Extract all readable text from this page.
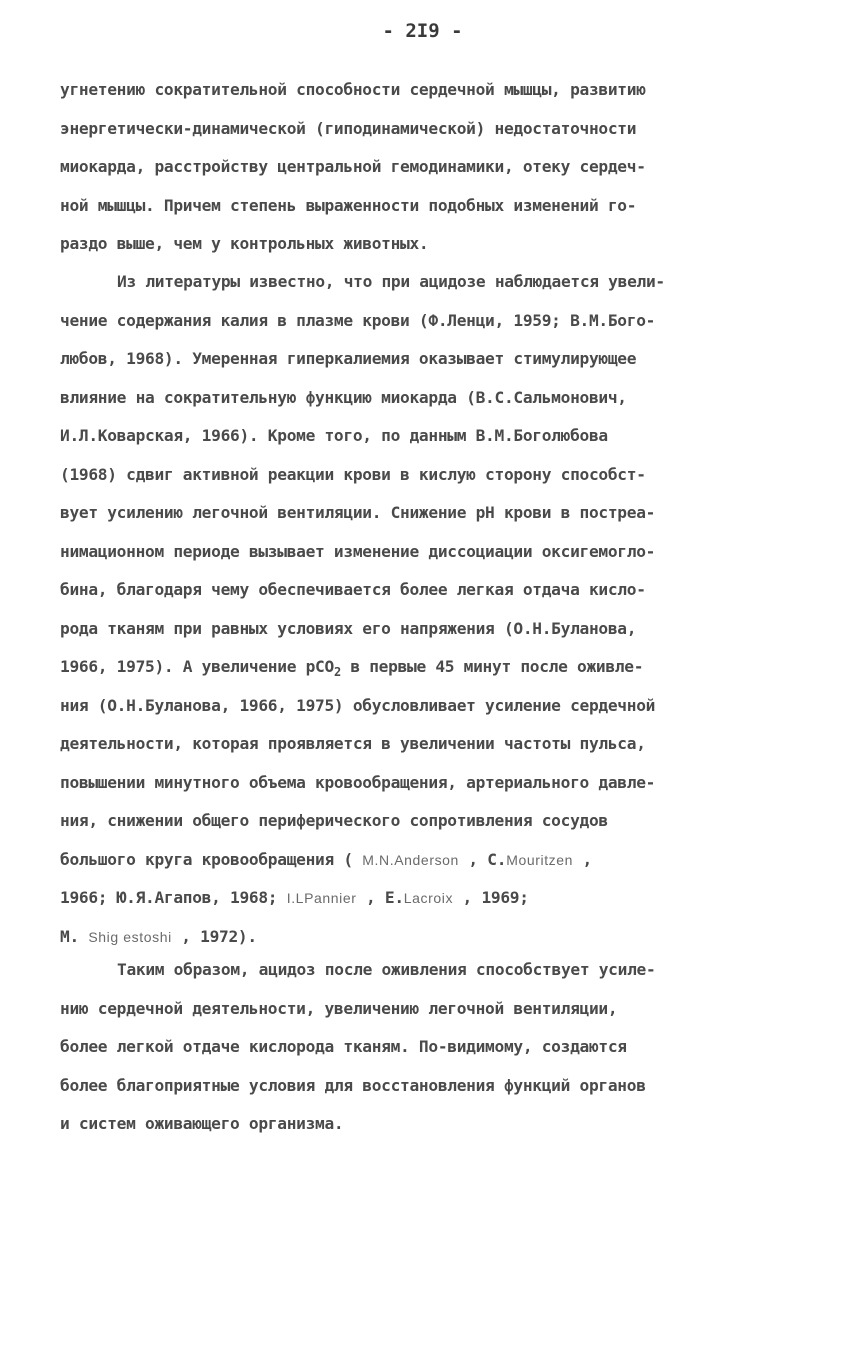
- 2I9 -
угнетению сократительной способности сердечной мышцы, развитию
энергетически-динамической (гиподинамической) недостаточности
миокарда, расстройству центральной гемодинамики, отеку сердеч-
ной мышцы. Причем степень выраженности подобных изменений го-
раздо выше, чем у контрольных животных.
Из литературы известно, что при ацидозе наблюдается увели-
чение содержания калия в плазме крови (Ф.Ленци, 1959; В.М.Бого-
любов, 1968). Умеренная гиперкалиемия оказывает стимулирующее
влияние на сократительную функцию миокарда (В.С.Сальмонович,
И.Л.Коварская, 1966). Кроме того, по данным В.М.Боголюбова
(1968) сдвиг активной реакции крови в кислую сторону способст-
вует усилению легочной вентиляции. Снижение pH крови в постреа-
нимационном периоде вызывает изменение диссоциации оксигемогло-
бина, благодаря чему обеспечивается более легкая отдача кисло-
рода тканям при равных условиях его напряжения (О.Н.Буланова,
1966, 1975). А увеличение pCO$_2$ в первые 45 минут после оживле-
ния (О.Н.Буланова, 1966, 1975) обусловливает усиление сердечной
деятельности, которая проявляется в увеличении частоты пульса,
повышении минутного объема кровообращения, артериального давле-
ния, снижении общего периферического сопротивления сосудов
большого круга кровообращения ( M.N.Anderson , C.Mouritzen ,
1966; Ю.Я.Агапов, 1968; I.LPannier , E.Lacroix , 1969;
M. Shig estoshi , 1972).
Таким образом, ацидоз после оживления способствует усиле-
нию сердечной деятельности, увеличению легочной вентиляции,
более легкой отдаче кислорода тканям. По-видимому, создаются
более благоприятные условия для восстановления функций органов
и систем оживающего организма.
